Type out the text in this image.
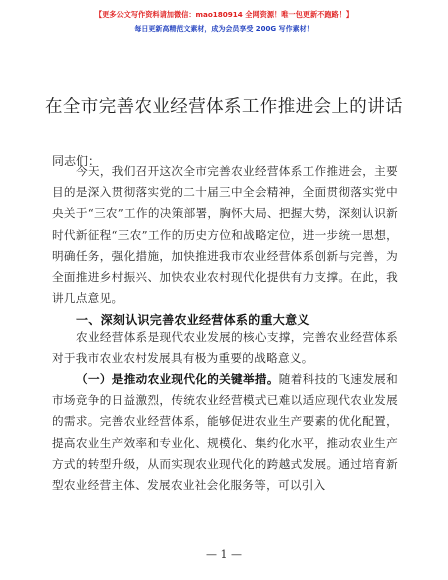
【更多公文写作资料请加微信：mao180914 全网资源！唯一包更新不跑路！】
每日更新高精范文素材，成为会员享受 200G 写作素材！
在全市完善农业经营体系工作推进会上的讲话
同志们：
今天，我们召开这次全市完善农业经营体系工作推进会，主要目的是深入贯彻落实党的二十届三中全会精神，全面贯彻落实党中央关于“三农”工作的决策部署，胸怀大局、把握大势，深刻认识新时代新征程“三农”工作的历史方位和战略定位，进一步统一思想，明确任务，强化措施，加快推进我市农业经营体系创新与完善，为全面推进乡村振兴、加快农业农村现代化提供有力支撑。在此，我讲几点意见。
一、深刻认识完善农业经营体系的重大意义
农业经营体系是现代农业发展的核心支撑，完善农业经营体系对于我市农业农村发展具有极为重要的战略意义。
（一）是推动农业现代化的关键举措。随着科技的飞速发展和市场竞争的日益激烈，传统农业经营模式已难以适应现代农业发展的需求。完善农业经营体系，能够促进农业生产要素的优化配置，提高农业生产效率和专业化、规模化、集约化水平，推动农业生产方式的转型升级，从而实现农业现代化的跨越式发展。通过培育新型农业经营主体、发展农业社会化服务等，可以引入
— 1 —
